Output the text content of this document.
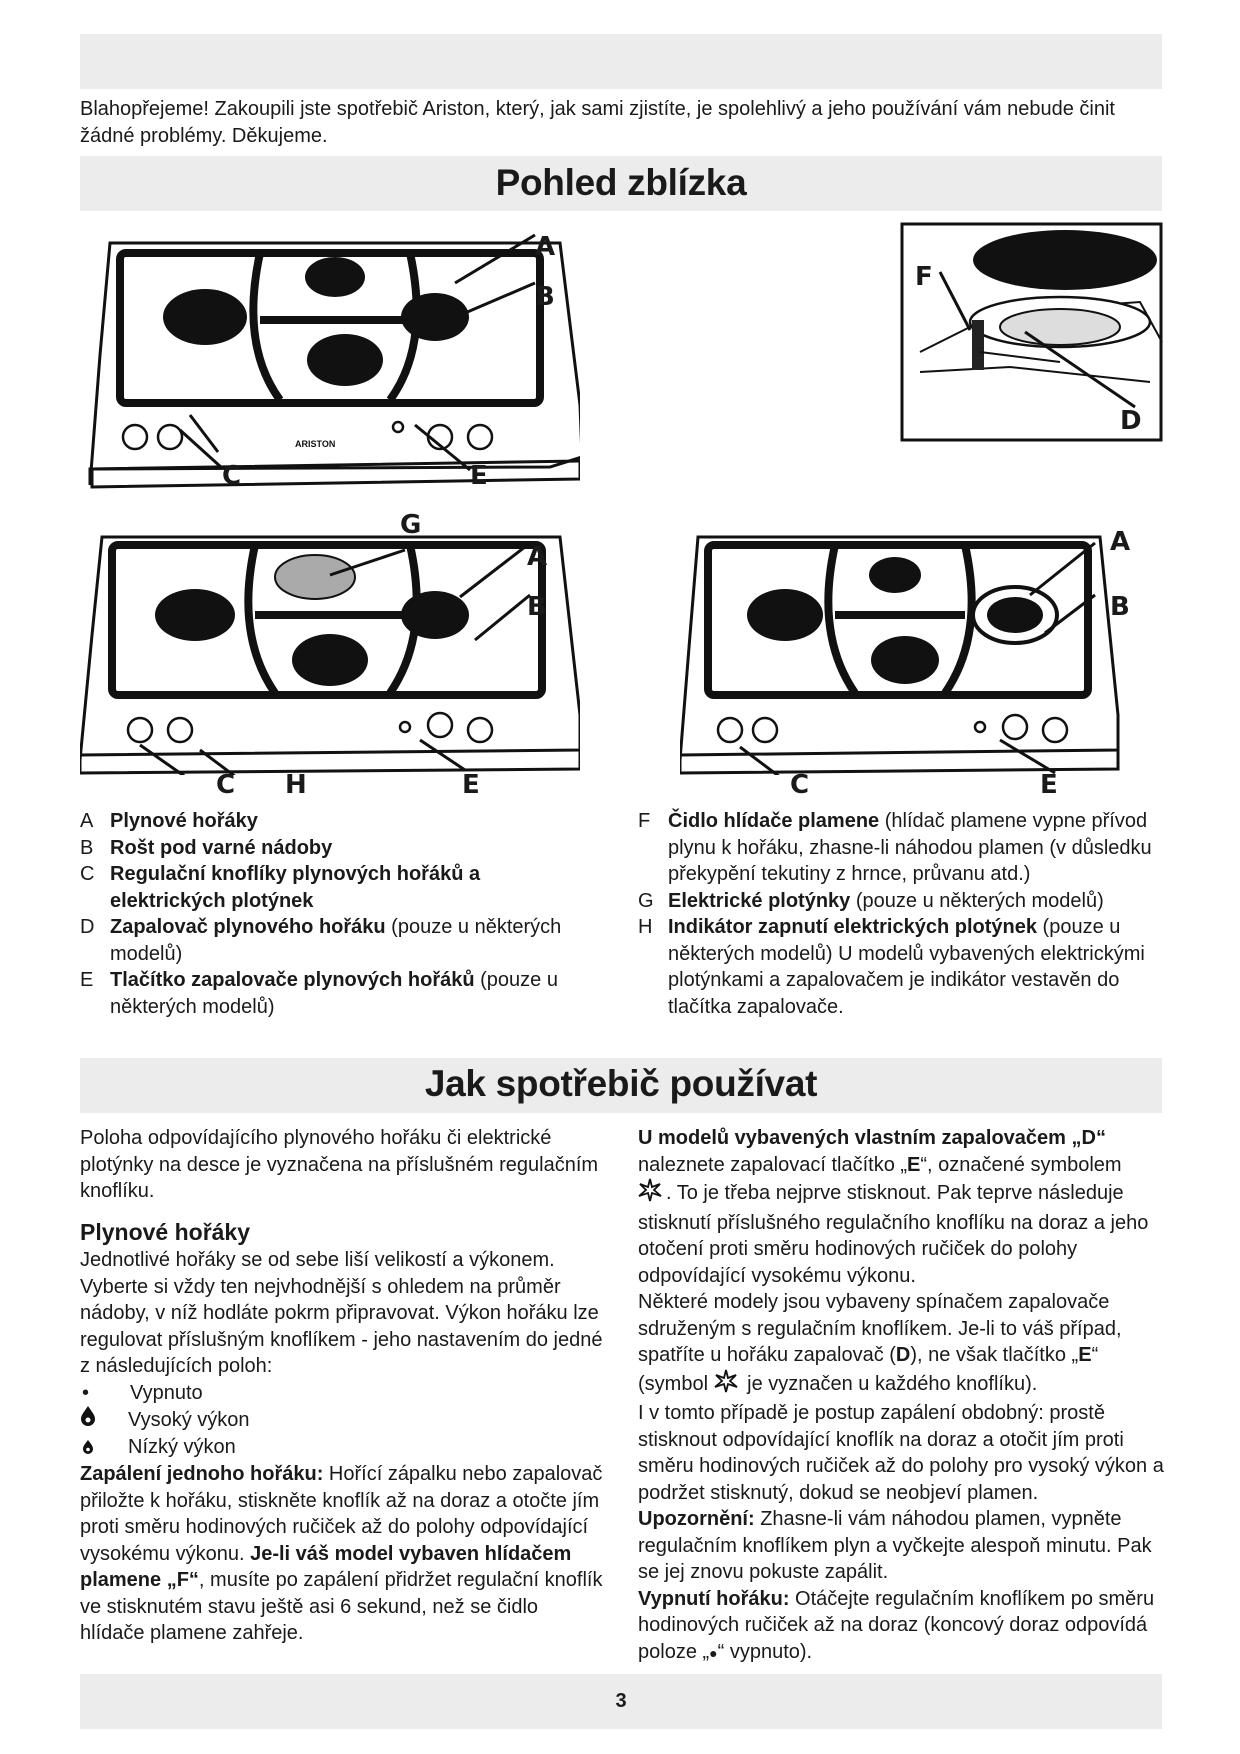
Blahopřejeme! Zakoupili jste spotřebič Ariston, který, jak sami zjistíte, je spolehlivý a jeho používání vám nebude činit žádné problémy. Děkujeme.

Pohled zblízka
ARISTON
A
B
C	E
F
D
G
A
B
C H	E
A
B
C	E
A Plynové hořáky
B Rošt pod varné nádoby
C Regulační knoflíky plynových hořáků a elektrických plotýnek
D Zapalovač plynového hořáku (pouze u některých modelů)
E Tlačítko zapalovače plynových hořáků (pouze u některých modelů)
F Čidlo hlídače plamene (hlídač plamene vypne přívod plynu k hořáku, zhasne-li náhodou plamen (v důsledku překypění tekutiny z hrnce, průvanu atd.)
G Elektrické plotýnky (pouze u některých modelů)
H Indikátor zapnutí elektrických plotýnek (pouze u některých modelů) U modelů vybavených elektrickými plotýnkami a zapalovačem je indikátor vestavěn do tlačítka zapalovače.
Jak spotřebič používat

Poloha odpovídajícího plynového hořáku či elektrické plotýnky na desce je vyznačena na příslušném regulačním knoflíku.

Plynové hořáky

Jednotlivé hořáky se od sebe liší velikostí a výkonem. Vyberte si vždy ten nejvhodnější s ohledem na průměr nádoby, v níž hodláte pokrm připravovat. Výkon hořáku lze regulovat příslušným knoflíkem - jeho nastavením do jedné z následujících poloh:

•	Vypnuto
Vysoký výkon
Nízký výkon

Zapálení jednoho hořáku: Hořící zápalku nebo zapalovač přiložte k hořáku, stiskněte knoflík až na doraz a otočte jím proti směru hodinových ručiček až do polohy odpovídající vysokému výkonu. Je-li váš model vybaven hlídačem plamene „F“, musíte po zapálení přidržet regulační knoflík ve stisknutém stavu ještě asi 6 sekund, než se čidlo hlídače plamene zahřeje.

U modelů vybavených vlastním zapalovačem „D“
naleznete zapalovací tlačítko „E“, označené symbolem
. To je třeba nejprve stisknout. Pak teprve následuje stisknutí příslušného regulačního knoflíku na doraz a jeho otočení proti směru hodinových ručiček do polohy odpovídající vysokému výkonu.

Některé modely jsou vybaveny spínačem zapalovače sdruženým s regulačním knoflíkem. Je-li to váš případ, spatříte u hořáku zapalovač (D), ne však tlačítko „E“
(symbol  je vyznačen u každého knoflíku).

I v tomto případě je postup zapálení obdobný: prostě stisknout odpovídající knoflík na doraz a otočit jím proti směru hodinových ručiček až do polohy pro vysoký výkon a podržet stisknutý, dokud se neobjeví plamen.

Upozornění: Zhasne-li vám náhodou plamen, vypněte regulačním knoflíkem plyn a vyčkejte alespoň minutu. Pak se jej znovu pokuste zapálit.

Vypnutí hořáku: Otáčejte regulačním knoflíkem po směru hodinových ručiček až na doraz (koncový doraz odpovídá poloze „●“ vypnuto).

3
